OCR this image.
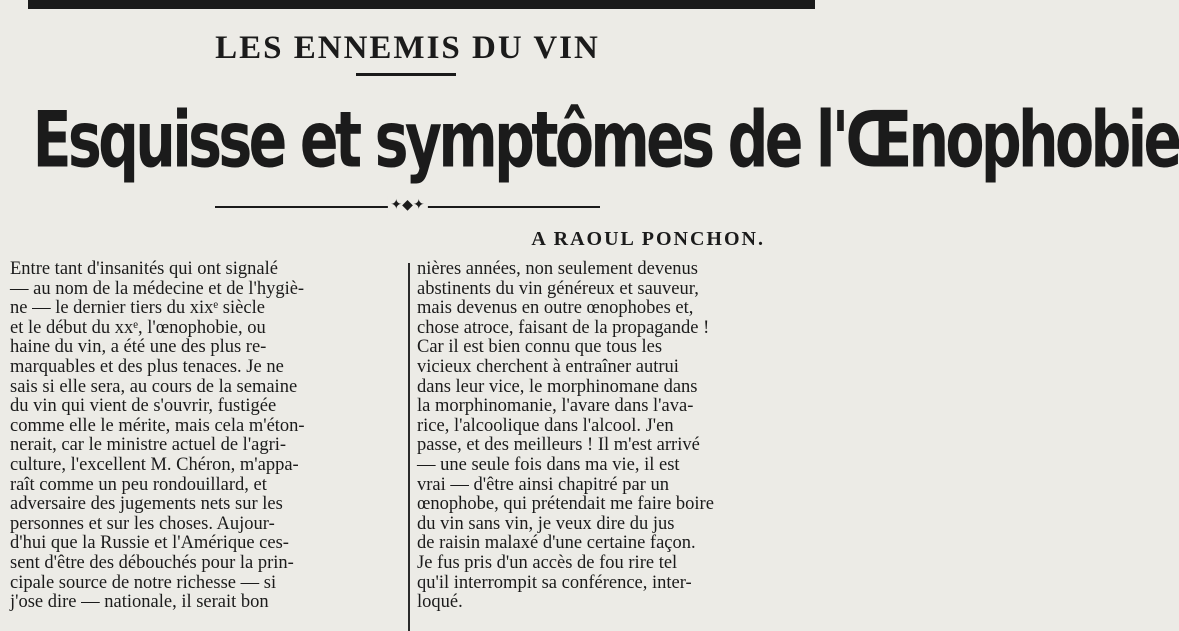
LES ENNEMIS DU VIN
Esquisse et symptômes de l'Œnophobie
✦◆✦
A RAOUL PONCHON.
Entre tant d'insanités qui ont signalé
— au nom de la médecine et de l'hygiè-
ne — le dernier tiers du xixᵉ siècle
et le début du xxᵉ, l'œnophobie, ou
haine du vin, a été une des plus re-
marquables et des plus tenaces. Je ne
sais si elle sera, au cours de la semaine
du vin qui vient de s'ouvrir, fustigée
comme elle le mérite, mais cela m'éton-
nerait, car le ministre actuel de l'agri-
culture, l'excellent M. Chéron, m'appa-
raît comme un peu rondouillard, et
adversaire des jugements nets sur les
personnes et sur les choses. Aujour-
d'hui que la Russie et l'Amérique ces-
sent d'être des débouchés pour la prin-
cipale source de notre richesse — si
j'ose dire — nationale, il serait bon
nières années, non seulement devenus
abstinents du vin généreux et sauveur,
mais devenus en outre œnophobes et,
chose atroce, faisant de la propagande !
Car il est bien connu que tous les
vicieux cherchent à entraîner autrui
dans leur vice, le morphinomane dans
la morphinomanie, l'avare dans l'ava-
rice, l'alcoolique dans l'alcool. J'en
passe, et des meilleurs ! Il m'est arrivé
— une seule fois dans ma vie, il est
vrai — d'être ainsi chapitré par un
œnophobe, qui prétendait me faire boire
du vin sans vin, je veux dire du jus
de raisin malaxé d'une certaine façon.
Je fus pris d'un accès de fou rire tel
qu'il interrompit sa conférence, inter-
loqué.
